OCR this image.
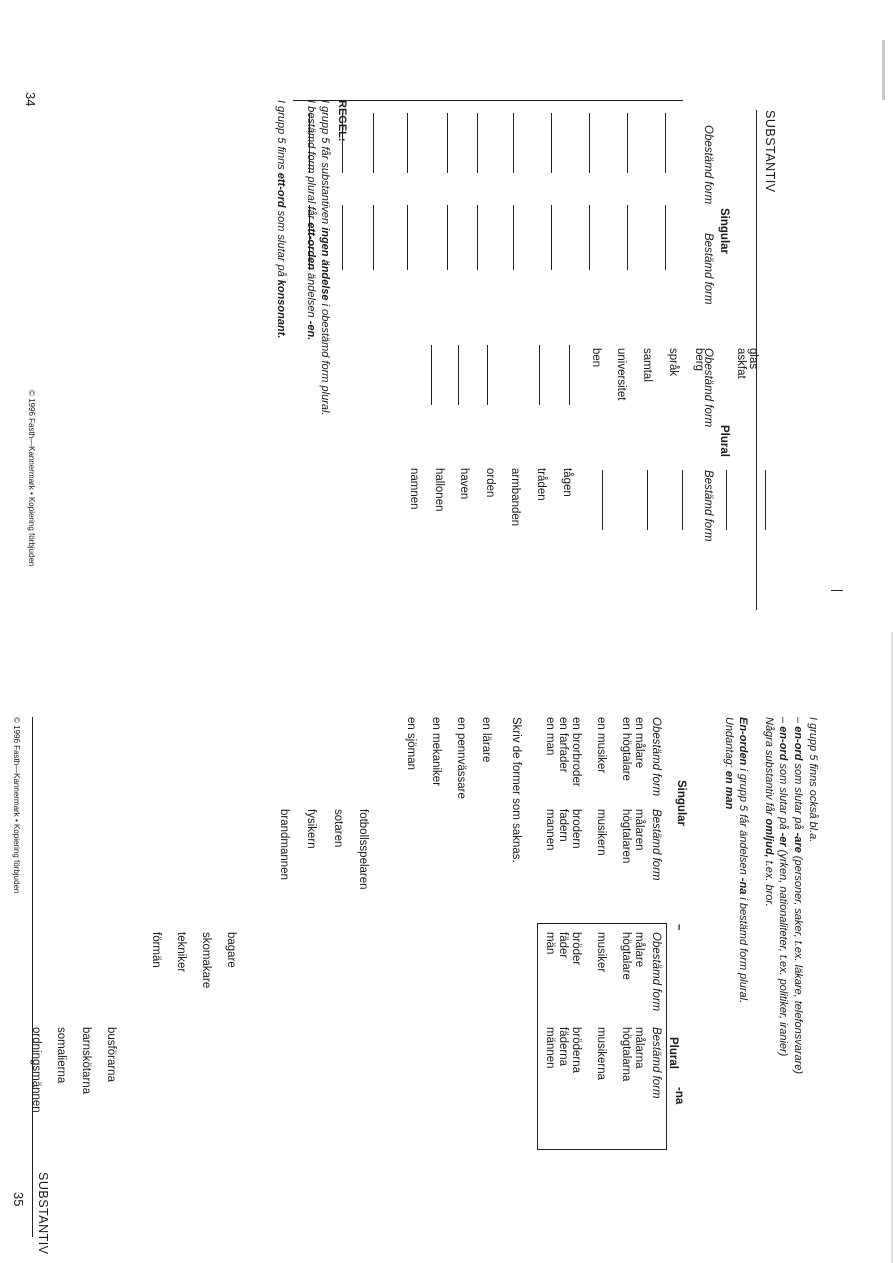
SUBSTANTIV
Singular
Plural
Obestämd form
Bestämd form
Obestämd form
Bestämd form
askfat glas
berg
språk
samtal
universitet
ben
tågen
tråden
armbanden
orden
haven
hallonen
namnen
REGEL:
I grupp 5 får substantiven ingen ändelse i obestämd form plural.
I bestämd form plural får ett-orden ändelsen -en.
I grupp 5 finns ett-ord som slutar på konsonant.
© 1996 Fasth—Kannermark • Kopiering förbjuden
34
I grupp 5 finns också bl.a.
– en-ord som slutar på -are (personer, saker, t.ex. läkare, telefonsvarare)
– en-ord som slutar på -er (yrken, nationaliteter, t.ex. politiker, iranier)
Några substantiv får omljud, t.ex. bror.
En-orden i grupp 5 får ändelsen -na i bestämd form plural.
Undantag: en man
Singular
Plural
–
-na
Obestämd form
Bestämd form
Obestämd form
Bestämd form
en målare
målaren
målare
målarna
en högtalare
högtalaren
högtalare
högtalarna
en musiker
musikern
musiker
musikerna
en brorbroder
brodern
bröder
bröderna
en farfader
fadern
fäder
fäderna
en man
mannen
män
männen
Skriv de former som saknas.
en lärare
en pennvässare
en mekaniker
en sjöman
fotbollsspelaren
sotaren
fysikern
brandmannen
bagare
skomakare
tekniker
förmän
busförarna
barnskötarna
somalierna
ordningsmännen
SUBSTANTIV
© 1996 Fasth—Kannermark • Kopiering förbjuden
35
